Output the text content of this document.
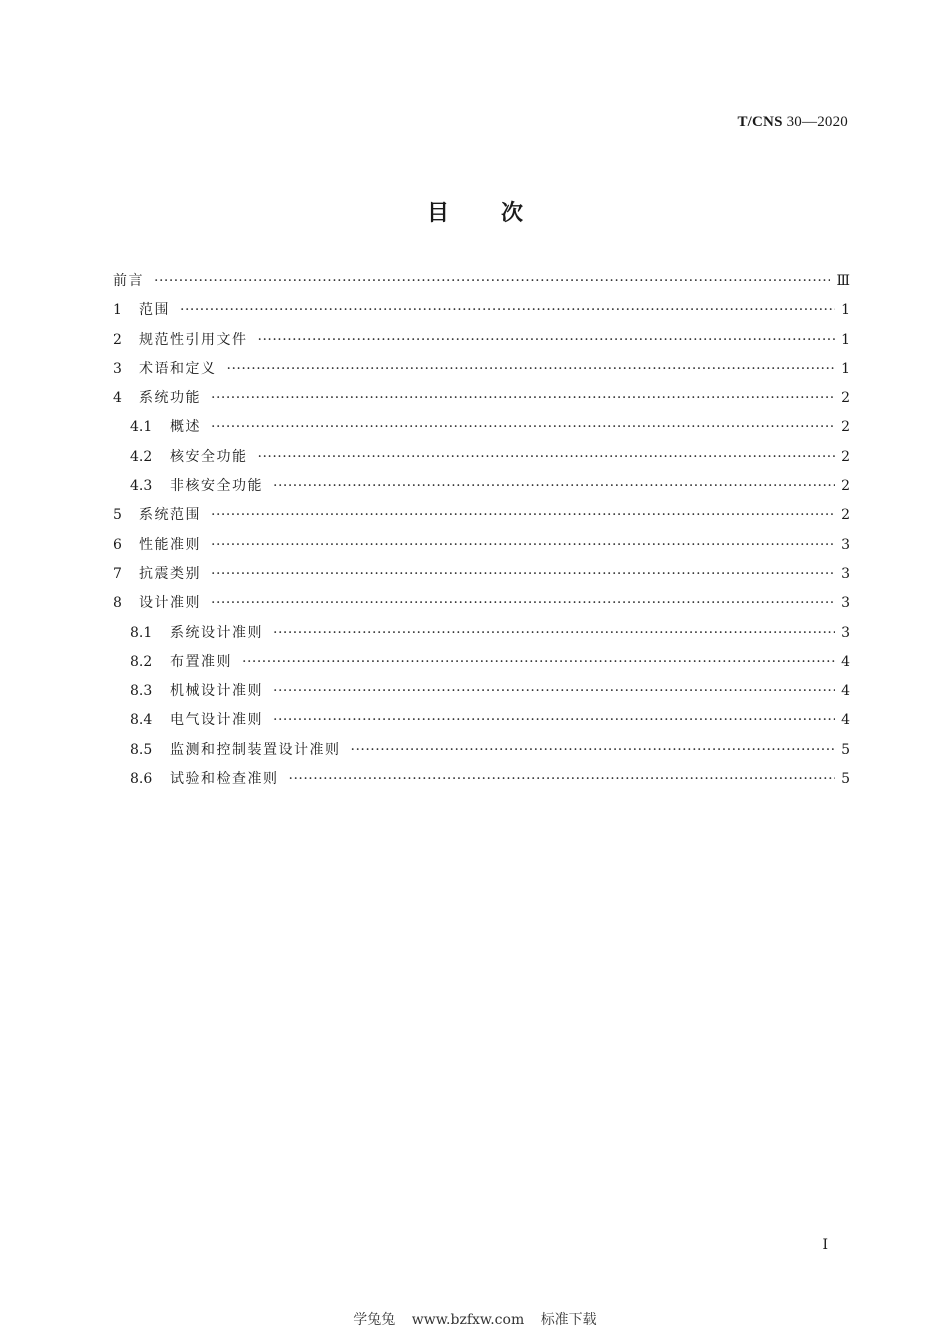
T/CNS 30—2020
目 次
前言 ·····	Ⅲ
1	范围 ·····	1
2	规范性引用文件 ·····	1
3	术语和定义 ·····	1
4	系统功能 ·····	2
4.1	概述 ·····	2
4.2	核安全功能 ·····	2
4.3	非核安全功能 ·····	2
5	系统范围 ·····	2
6	性能准则 ·····	3
7	抗震类别 ·····	3
8	设计准则 ·····	3
8.1	系统设计准则 ·····	3
8.2	布置准则 ·····	4
8.3	机械设计准则 ·····	4
8.4	电气设计准则 ·····	4
8.5	监测和控制装置设计准则 ·····	5
8.6	试验和检查准则 ·····	5
I
学兔兔 www.bzfxw.com 标准下载
